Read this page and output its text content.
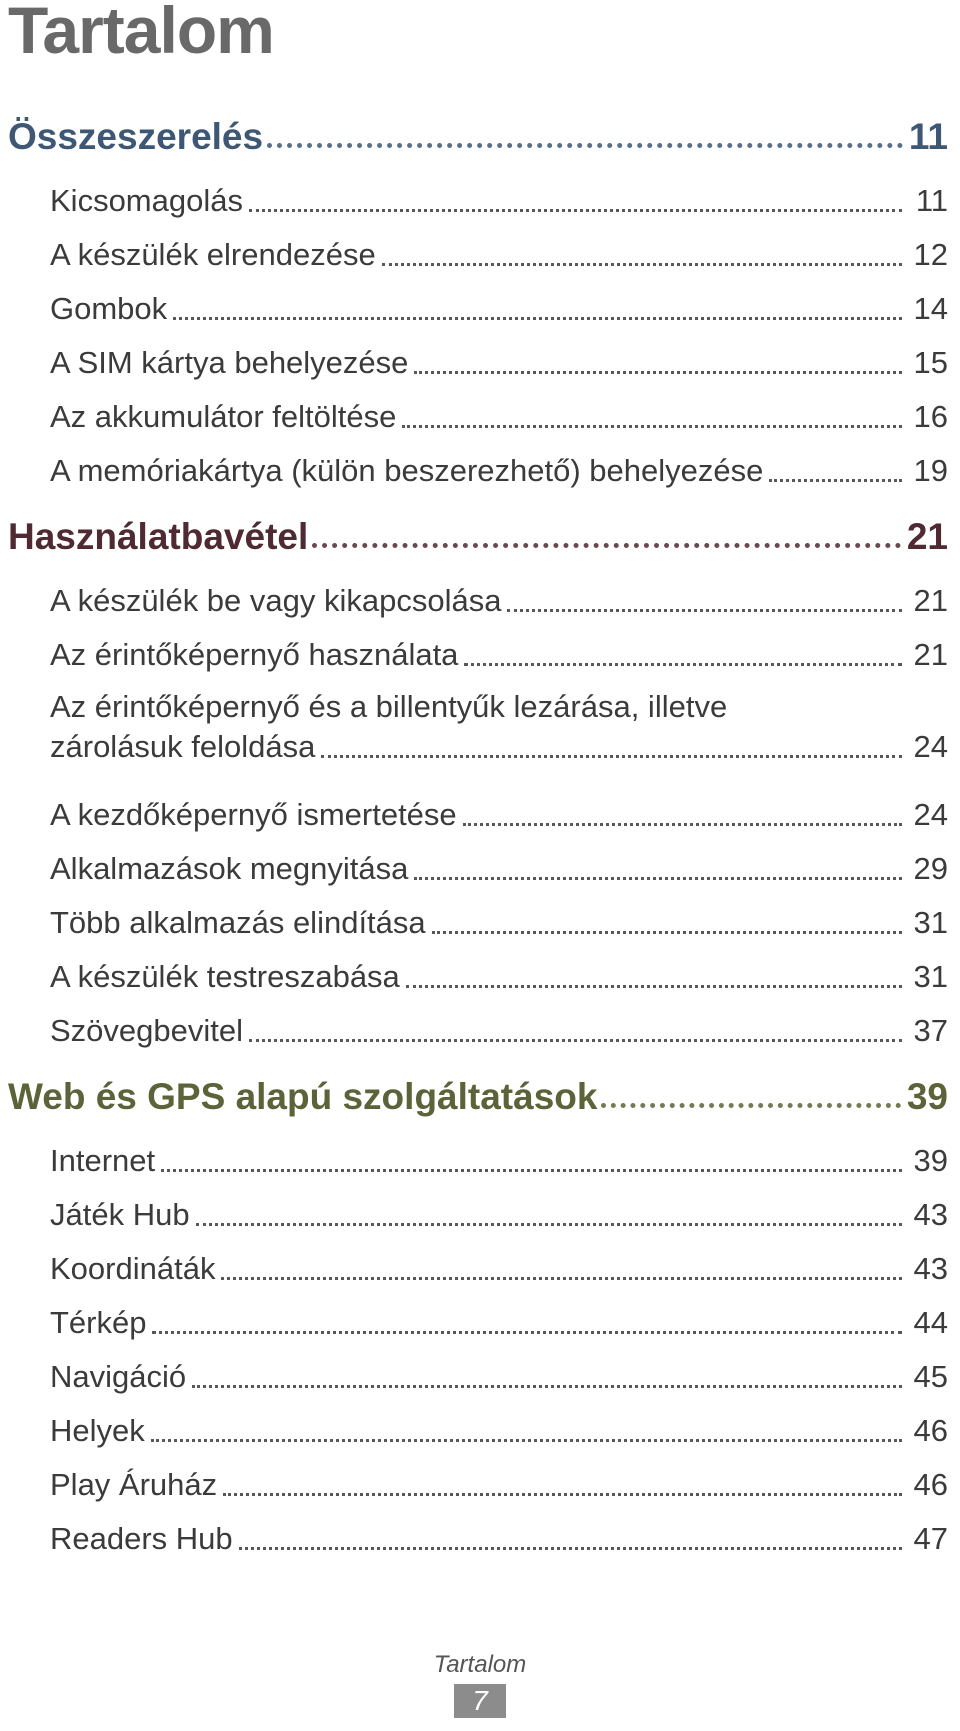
Tartalom
Összeszerelés	11
Kicsomagolás	11
A készülék elrendezése	12
Gombok	14
A SIM kártya behelyezése	15
Az akkumulátor feltöltése	16
A memóriakártya (külön beszerezhető) behelyezése	19
Használatbavétel	21
A készülék be vagy kikapcsolása	21
Az érintőképernyő használata	21
Az érintőképernyő és a billentyűk lezárása, illetve
zárolásuk feloldása	24
A kezdőképernyő ismertetése	24
Alkalmazások megnyitása	29
Több alkalmazás elindítása	31
A készülék testreszabása	31
Szövegbevitel	37
Web és GPS alapú szolgáltatások	39
Internet	39
Játék Hub	43
Koordináták	43
Térkép	44
Navigáció	45
Helyek	46
Play Áruház	46
Readers Hub	47
Tartalom
7
